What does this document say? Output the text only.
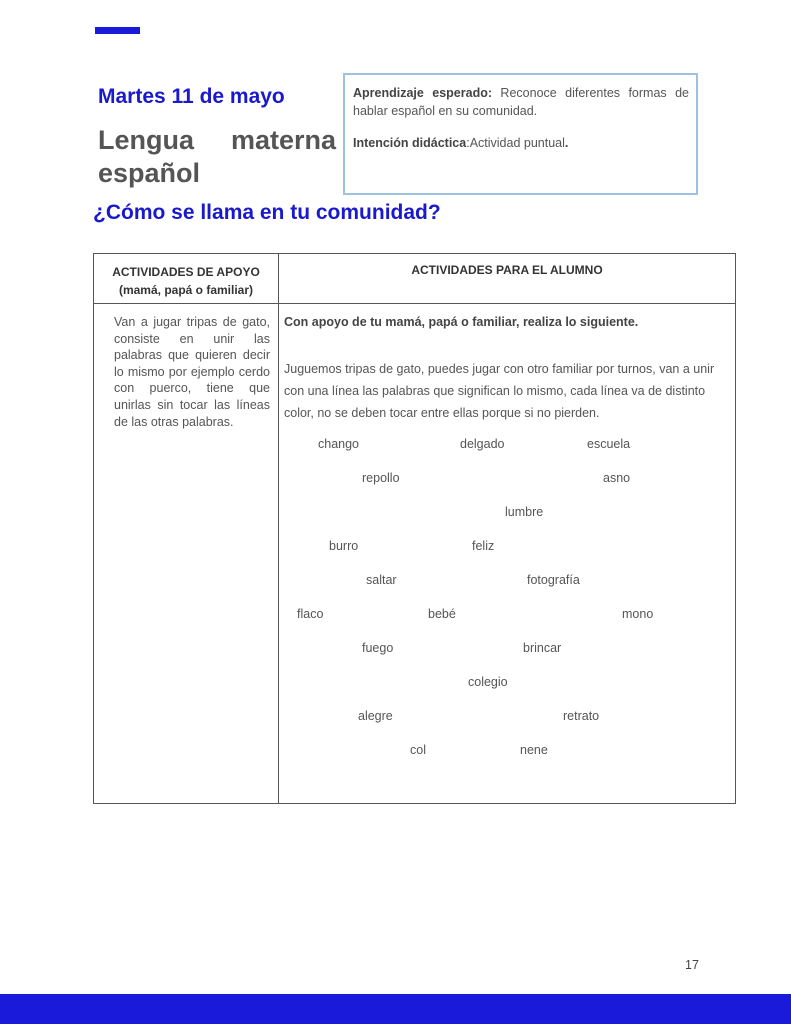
Martes 11 de mayo
Lengua materna
español

Aprendizaje esperado: Reconoce diferentes formas de hablar español en su comunidad.

Intención didáctica:Actividad puntual.

¿Cómo se llama en tu comunidad?
ACTIVIDADES DE APOYO
(mamá, papá o familiar)
ACTIVIDADES PARA EL ALUMNO
Van a jugar tripas de gato, consiste en unir las palabras que quieren decir lo mismo por ejemplo cerdo con puerco, tiene que unirlas sin tocar las líneas de las otras palabras.
Con apoyo de tu mamá, papá o familiar, realiza lo siguiente.
Juguemos tripas de gato, puedes jugar con otro familiar por turnos, van a unir con una línea las palabras que significan lo mismo, cada línea va de distinto color, no se deben tocar entre ellas porque si no pierden.
chango	delgado	escuela
repollo	asno
lumbre
burro	feliz
saltar	fotografía
flaco	bebé	mono
fuego	brincar
colegio
alegre	retrato
col	nene
17
